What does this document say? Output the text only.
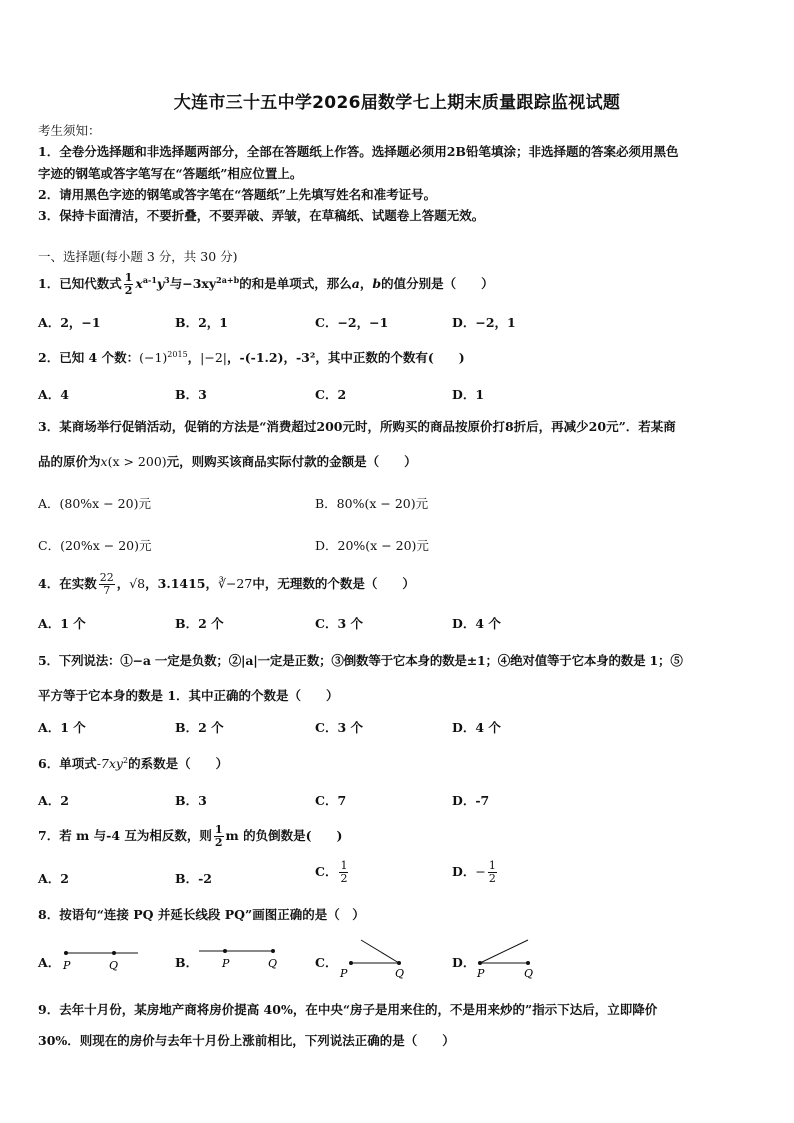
大连市三十五中学2026届数学七上期末质量跟踪监视试题
考生须知：
1．全卷分选择题和非选择题两部分，全部在答题纸上作答。选择题必须用2B铅笔填涂；非选择题的答案必须用黑色
字迹的钢笔或答字笔写在“答题纸”相应位置上。
2．请用黑色字迹的钢笔或答字笔在“答题纸”上先填写姓名和准考证号。
3．保持卡面清洁，不要折叠，不要弄破、弄皱，在草稿纸、试题卷上答题无效。
一、选择题(每小题 3 分，共 30 分)
1．已知代数式 $\frac{1}{2} x^{a-1}y^3$与$-3xy^{2a+b}$的和是单项式，那么a，b的值分别是（　　）
A．2，−1	B．2，1	C．−2，−1	D．−2，1
2．已知 4 个数：$(-1)^{2015}$，|−2|，-(-1.2)，-3²，其中正数的个数有(　　)
A．4	B．3	C．2	D．1
3．某商场举行促销活动，促销的方法是“消费超过200元时，所购买的商品按原价打8折后，再减少20元”．若某商
品的原价为x(x > 200)元，则购买该商品实际付款的金额是（　　）
A．(80%x − 20)元	B．80%(x − 20)元
C．(20%x − 20)元	D．20%(x − 20)元
4．在实数 $\frac{22}{7}$ ，√8，3.1415，∛−27中，无理数的个数是（　　）
A．1 个	B．2 个	C．3 个	D．4 个
5．下列说法：①−a 一定是负数；②|a|一定是正数；③倒数等于它本身的数是±1；④绝对值等于它本身的数是 1；⑤
平方等于它本身的数是 1．其中正确的个数是（　　）
A．1 个	B．2 个	C．3 个	D．4 个
6．单项式$-7xy^2$的系数是（　　）
A．2	B．3	C．7	D．-7
7．若 m 与-4 互为相反数，则 $\frac{1}{2}$ m 的负倒数是(　　)
A．2	B．-2	C． $\frac{1}{2}$	D．− $\frac{1}{2}$
8．按语句“连接 PQ 并延长线段 PQ”画图正确的是（　）
A． P	Q	B． P	Q	C．
P	Q
D．
P	Q
9．去年十月份，某房地产商将房价提高 40%，在中央“房子是用来住的，不是用来炒的”指示下达后，立即降价
30%．则现在的房价与去年十月份上涨前相比，下列说法正确的是（　　）
